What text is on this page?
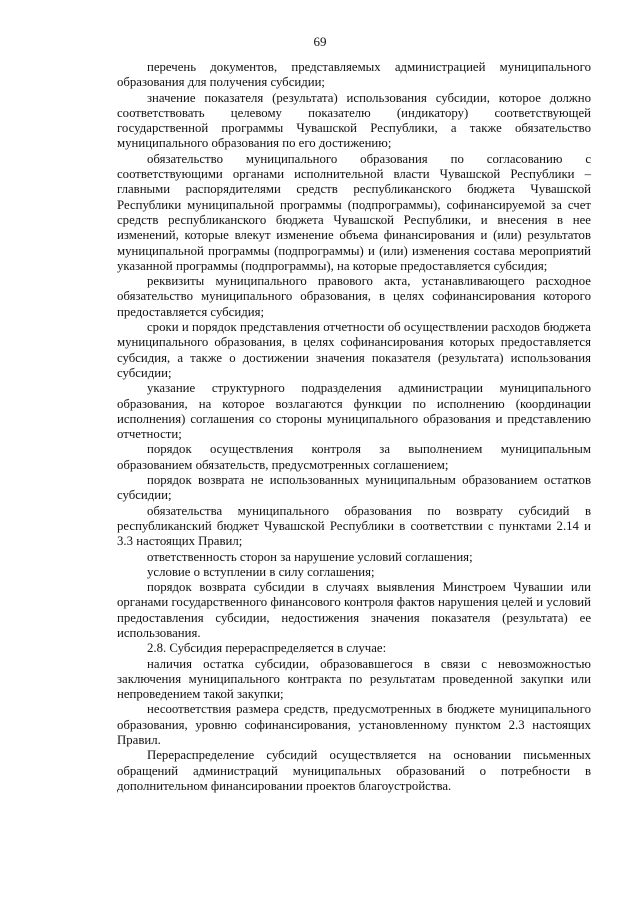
69

перечень документов, представляемых администрацией муниципального образования для получения субсидии;

значение показателя (результата) использования субсидии, которое должно соответствовать целевому показателю (индикатору) соответствующей государственной программы Чувашской Республики, а также обязательство муниципального образования по его достижению;

обязательство муниципального образования по согласованию с соответствующими органами исполнительной власти Чувашской Республики – главными распорядителями средств республиканского бюджета Чувашской Республики муниципальной программы (подпрограммы), софинансируемой за счет средств республиканского бюджета Чувашской Республики, и внесения в нее изменений, которые влекут изменение объема финансирования и (или) результатов муниципальной программы (подпрограммы) и (или) изменения состава мероприятий указанной программы (подпрограммы), на которые предоставляется субсидия;

реквизиты муниципального правового акта, устанавливающего расходное обязательство муниципального образования, в целях софинансирования которого предоставляется субсидия;

сроки и порядок представления отчетности об осуществлении расходов бюджета муниципального образования, в целях софинансирования которых предоставляется субсидия, а также о достижении значения показателя (результата) использования субсидии;

указание структурного подразделения администрации муниципального образования, на которое возлагаются функции по исполнению (координации исполнения) соглашения со стороны муниципального образования и представлению отчетности;

порядок осуществления контроля за выполнением муниципальным образованием обязательств, предусмотренных соглашением;

порядок возврата не использованных муниципальным образованием остатков субсидии;

обязательства муниципального образования по возврату субсидий в республиканский бюджет Чувашской Республики в соответствии с пунктами 2.14 и 3.3 настоящих Правил;

ответственность сторон за нарушение условий соглашения;

условие о вступлении в силу соглашения;

порядок возврата субсидии в случаях выявления Минстроем Чувашии или органами государственного финансового контроля фактов нарушения целей и условий предоставления субсидии, недостижения значения показателя (результата) ее использования.

2.8. Субсидия перераспределяется в случае:

наличия остатка субсидии, образовавшегося в связи с невозможностью заключения муниципального контракта по результатам проведенной закупки или непроведением такой закупки;

несоответствия размера средств, предусмотренных в бюджете муниципального образования, уровню софинансирования, установленному пунктом 2.3 настоящих Правил.

Перераспределение субсидий осуществляется на основании письменных обращений администраций муниципальных образований о потребности в дополнительном финансировании проектов благоустройства.
